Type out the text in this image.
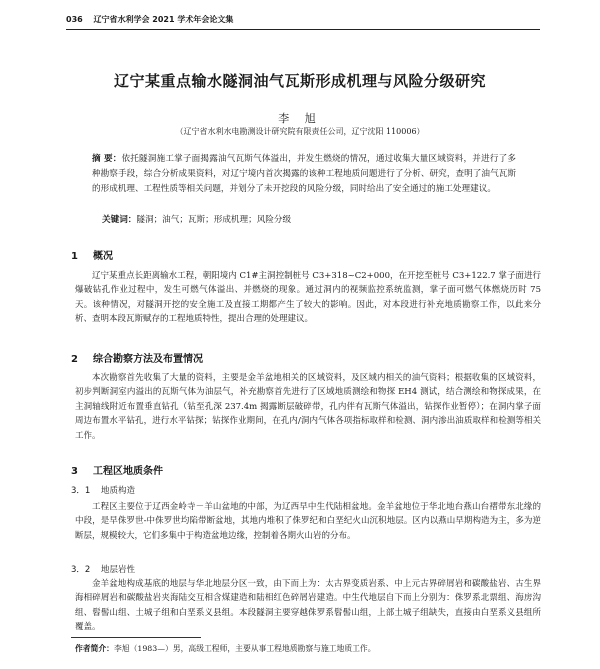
036 辽宁省水利学会 2021 学术年会论文集
辽宁某重点输水隧洞油气瓦斯形成机理与风险分级研究
李 旭
（辽宁省水利水电勘测设计研究院有限责任公司，辽宁沈阳 110006）
摘 要：依托隧洞施工掌子面揭露油气瓦斯气体溢出，并发生燃烧的情况，通过收集大量区域资料，并进行了多种勘察手段，综合分析成果资料，对辽宁境内首次揭露的该种工程地质问题进行了分析、研究，查明了油气瓦斯的形成机理、工程性质等相关问题，并划分了未开挖段的风险分级，同时给出了安全通过的施工处理建议。
关键词：隧洞；油气；瓦斯；形成机理；风险分级
1 概况
辽宁某重点长距离输水工程，朝阳境内 C1#主洞控制桩号 C3+318~C2+000，在开挖至桩号 C3+122.7 掌子面进行爆破钻孔作业过程中，发生可燃气体溢出、并燃烧的现象。通过洞内的视频监控系统监测，掌子面可燃气体燃烧历时 75 天。该种情况，对隧洞开挖的安全施工及直接工期都产生了较大的影响。因此，对本段进行补充地质勘察工作，以此来分析、查明本段瓦斯赋存的工程地质特性，提出合理的处理建议。
2 综合勘察方法及布置情况
本次勘察首先收集了大量的资料，主要是金羊盆地相关的区域资料，及区域内相关的油气资料；根据收集的区域资料，初步判断洞室内溢出的瓦斯气体为油层气，补充勘察首先进行了区域地质测绘和物探 EH4 测试，结合测绘和物探成果，在主洞轴线附近布置垂直钻孔（钻至孔深 237.4m 揭露断层破碎带，孔内伴有瓦斯气体溢出，钻探作业暂停）；在洞内掌子面周边布置水平钻孔，进行水平钻探；钻探作业期间，在孔内/洞内气体各项指标取样和检测、洞内渗出油质取样和检测等相关工作。
3 工程区地质条件
3．1 地质构造
工程区主要位于辽西金岭寺－羊山盆地的中部，为辽西早中生代陆相盆地。金羊盆地位于华北地台燕山台褶带东北缘的中段，是早侏罗世-中侏罗世均陷带断盆地，其地内堆积了侏罗纪和白垩纪火山沉积地层。区内以燕山早期构造为主，多为逆断层，规模较大，它们多集中于构造盆地边缘，控制着各期火山岩的分布。
3．2 地层岩性
金羊盆地构成基底的地层与华北地层分区一致，由下而上为：太古界变质岩系、中上元古界碎屑岩和碳酸盐岩、古生界海相碎屑岩和碳酸盐岩夹海陆交互相含煤建造和陆相红色碎屑岩建造。中生代地层自下而上分别为：侏罗系北票组、海房沟组、髫髻山组、土城子组和白垩系义县组。本段隧洞主要穿越侏罗系髫髻山组，上部土城子组缺失，直接由白垩系义县组所覆盖。
作者简介：李旭（1983—）男，高级工程师，主要从事工程地质勘察与施工地质工作。
